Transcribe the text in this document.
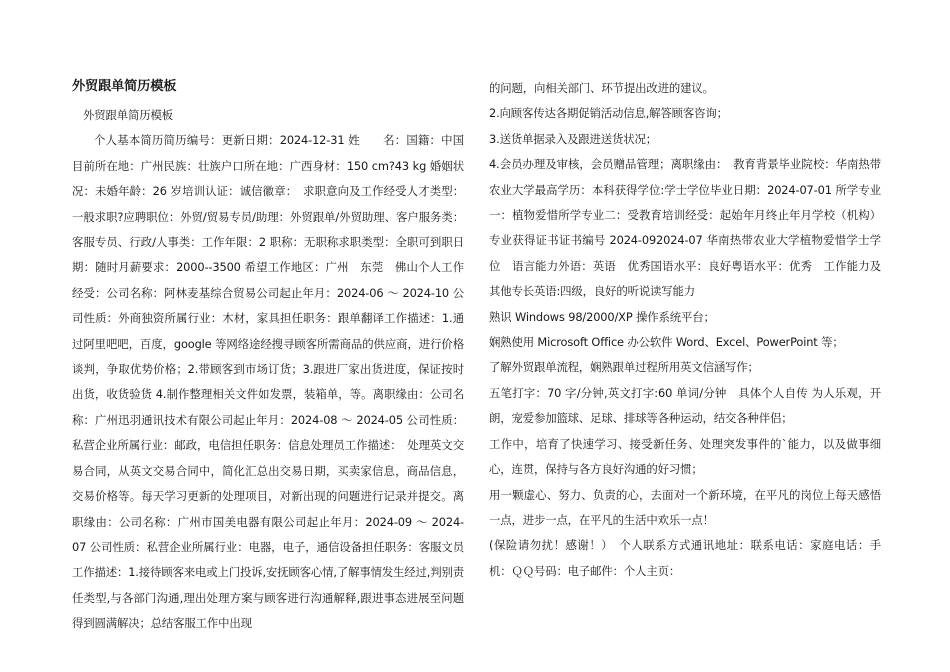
外贸跟单简历模板

外贸跟单简历模板

个人基本简历简历编号：更新日期：2024-12-31 姓　　名：国籍：中国目前所在地：广州民族：壮族户口所在地：广西身材：150 cm?43 kg 婚姻状况：未婚年龄：26 岁培训认证：诚信徽章：　求职意向及工作经受人才类型：一般求职?应聘职位：外贸/贸易专员/助理：外贸跟单/外贸助理、客户服务类：客服专员、行政/人事类：工作年限：2 职称：无职称求职类型：全职可到职日期：随时月薪要求：2000--3500 希望工作地区：广州　东莞　佛山个人工作经受：公司名称：阿林麦基综合贸易公司起止年月：2024-06 ～ 2024-10 公司性质：外商独资所属行业：木材，家具担任职务：跟单翻译工作描述：1.通过阿里吧吧，百度，google 等网络途经搜寻顾客所需商品的供应商，进行价格谈判，争取优势价格；2.带顾客到市场订货；3.跟进厂家出货进度，保证按时出货，收货验货 4.制作整理相关文件如发票，装箱单，等。离职缘由：公司名称：广州迅羽通讯技术有限公司起止年月：2024-08 ～ 2024-05 公司性质：私营企业所属行业：邮政，电信担任职务：信息处理员工作描述：　处理英文交易合同，从英文交易合同中，简化汇总出交易日期，买卖家信息，商品信息，交易价格等。每天学习更新的处理项目，对新出现的问题进行记录并提交。离职缘由：公司名称：广州市国美电器有限公司起止年月：2024-09 ～ 2024-07 公司性质：私营企业所属行业：电器，电子，通信设备担任职务：客服文员工作描述：1.接待顾客来电或上门投诉,安抚顾客心情,了解事情发生经过,判别责任类型,与各部门沟通,理出处理方案与顾客进行沟通解释,跟进事态进展至问题得到圆满解决；总结客服工作中出现

的问题，向相关部门、环节提出改进的建议。

2.向顾客传达各期促销活动信息,解答顾客咨询；

3.送货单据录入及跟进送货状况；

4.会员办理及审核，会员赠品管理；离职缘由：　教育背景毕业院校：华南热带农业大学最高学历：本科获得学位:学士学位毕业日期：2024-07-01 所学专业一：植物爱惜所学专业二：受教育培训经受：起始年月终止年月学校（机构）专业获得证书证书编号 2024-092024-07 华南热带农业大学植物爱惜学士学位　语言能力外语：英语　优秀国语水平：良好粤语水平：优秀　工作能力及其他专长英语:四级，良好的听说读写能力

熟识 Windows 98/2000/XP 操作系统平台；

娴熟使用 Microsoft Office 办公软件 Word、Excel、PowerPoint 等；

了解外贸跟单流程，娴熟跟单过程所用英文信涵写作；

五笔打字：70 字/分钟,英文打字:60 单词/分钟　具体个人自传 为人乐观，开朗，宠爱参加篮球、足球、排球等各种运动，结交各种伴侣；

工作中，培育了快速学习、接受新任务、处理突发事件的`能力，以及做事细心，连贯，保持与各方良好沟通的好习惯；

用一颗虚心、努力、负责的心，去面对一个新环境，在平凡的岗位上每天感悟一点，进步一点，在平凡的生活中欢乐一点！

(保险请勿扰！感谢！）　个人联系方式通讯地址：联系电话：家庭电话：手机：ＱＱ号码：电子邮件：个人主页：
